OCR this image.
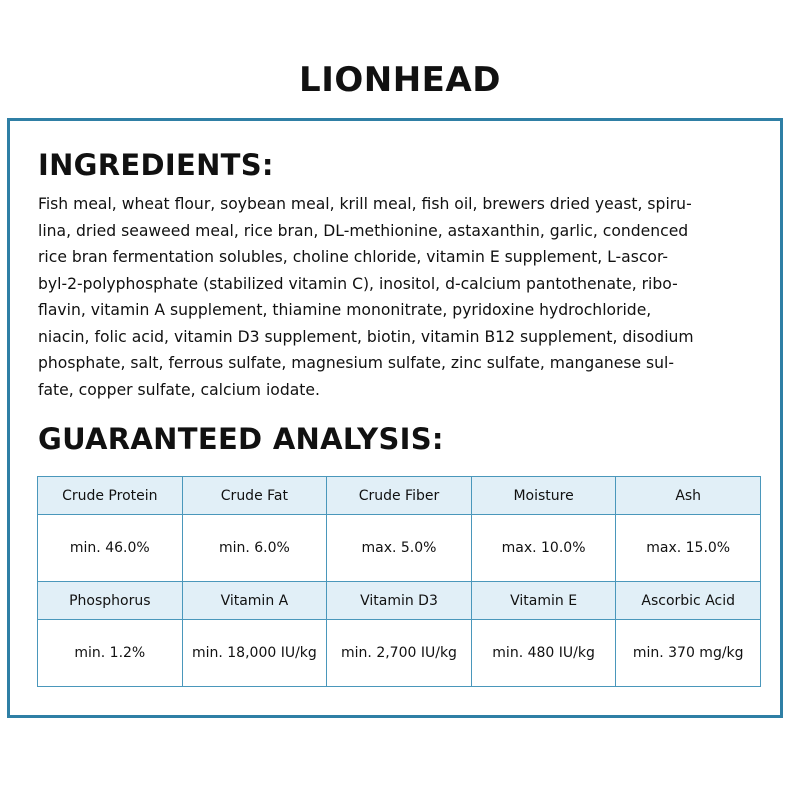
LIONHEAD
INGREDIENTS:

Fish meal, wheat flour, soybean meal, krill meal, fish oil, brewers dried yeast, spiru-
lina, dried seaweed meal, rice bran, DL-methionine, astaxanthin, garlic, condenced
rice bran fermentation solubles, choline chloride, vitamin E supplement, L-ascor-
byl-2-polyphosphate (stabilized vitamin C), inositol, d-calcium pantothenate, ribo-
flavin, vitamin A supplement, thiamine mononitrate, pyridoxine hydrochloride,
niacin, folic acid, vitamin D3 supplement, biotin, vitamin B12 supplement, disodium
phosphate, salt, ferrous sulfate, magnesium sulfate, zinc sulfate, manganese sul-
fate, copper sulfate, calcium iodate.

GUARANTEED ANALYSIS:
Crude Protein	Crude Fat	Crude Fiber	Moisture	Ash
min. 46.0%	min. 6.0%	max. 5.0%	max. 10.0%	max. 15.0%
Phosphorus	Vitamin A	Vitamin D3	Vitamin E	Ascorbic Acid
min. 1.2%	min. 18,000 IU/kg	min. 2,700 IU/kg	min. 480 IU/kg	min. 370 mg/kg
